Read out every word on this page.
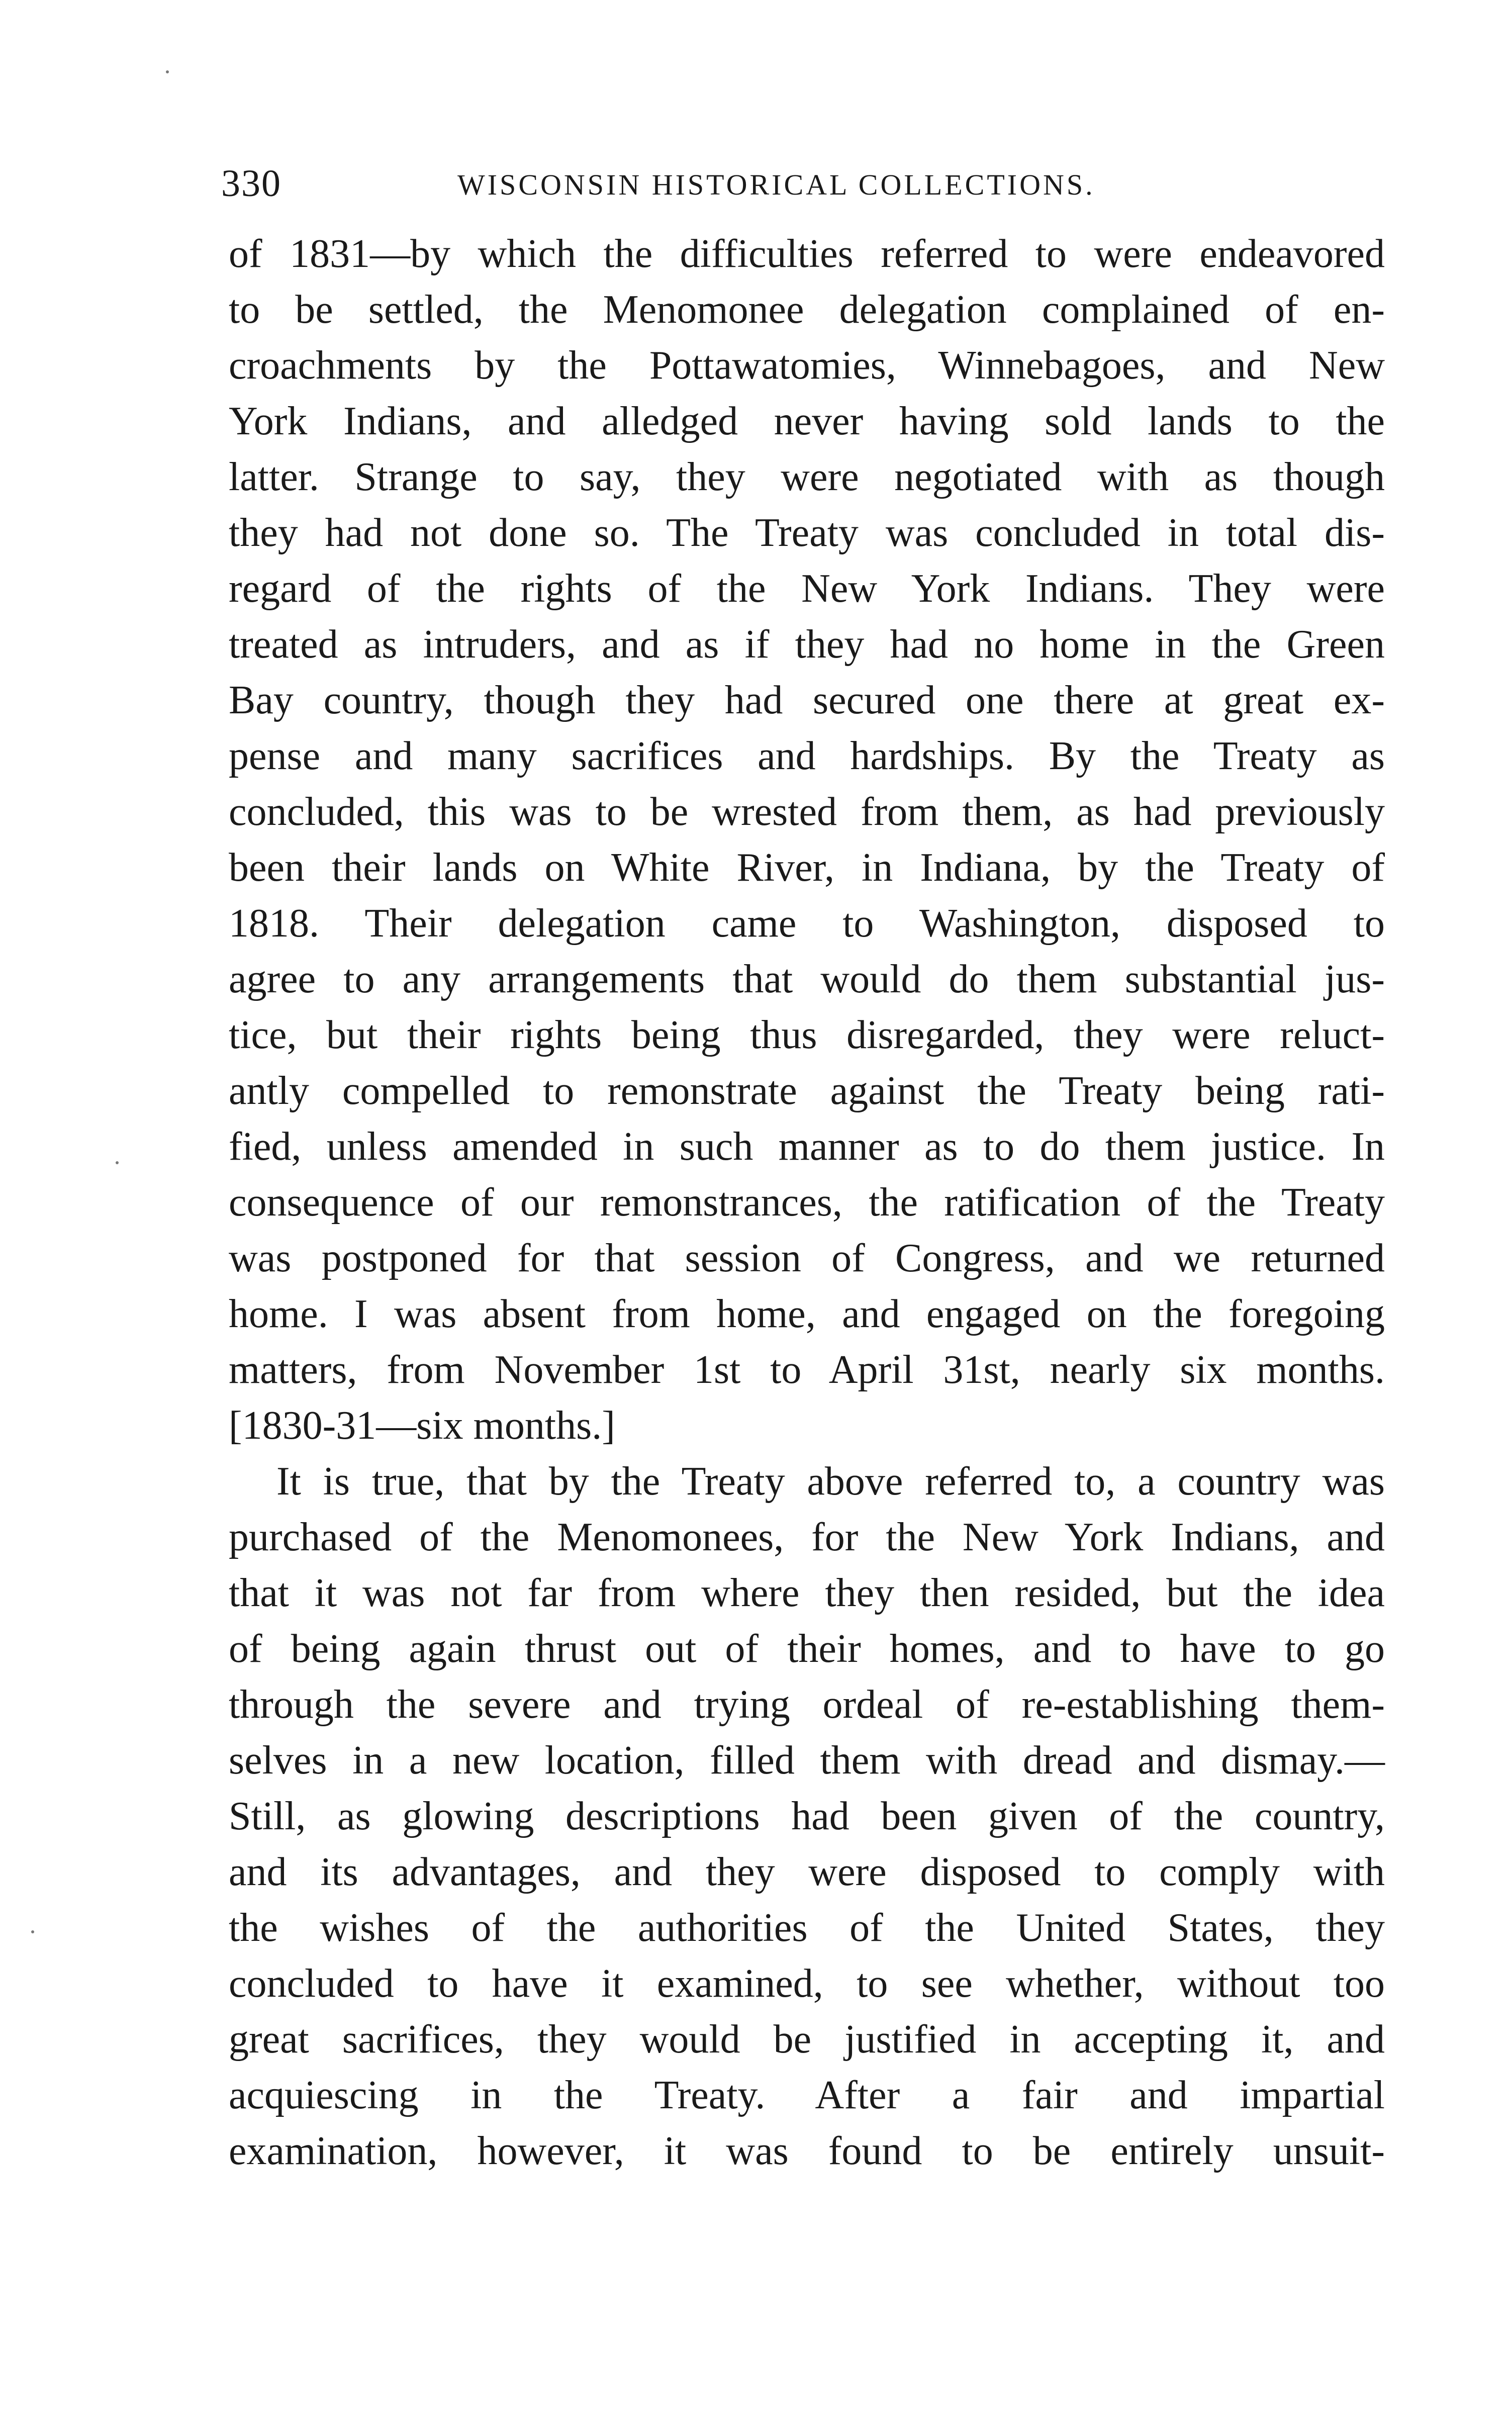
330	WISCONSIN HISTORICAL COLLECTIONS.
of 1831—by which the difficulties referred to were endeavored
to be settled, the Menomonee delegation complained of en-
croachments by the Pottawatomies, Winnebagoes, and New
York Indians, and alledged never having sold lands to the
latter. Strange to say, they were negotiated with as though
they had not done so. The Treaty was concluded in total dis-
regard of the rights of the New York Indians. They were
treated as intruders, and as if they had no home in the Green
Bay country, though they had secured one there at great ex-
pense and many sacrifices and hardships. By the Treaty as
concluded, this was to be wrested from them, as had previously
been their lands on White River, in Indiana, by the Treaty of
1818. Their delegation came to Washington, disposed to
agree to any arrangements that would do them substantial jus-
tice, but their rights being thus disregarded, they were reluct-
antly compelled to remonstrate against the Treaty being rati-
fied, unless amended in such manner as to do them justice. In
consequence of our remonstrances, the ratification of the Treaty
was postponed for that session of Congress, and we returned
home. I was absent from home, and engaged on the foregoing
matters, from November 1st to April 31st, nearly six months.
[1830-31—six months.]
It is true, that by the Treaty above referred to, a country was
purchased of the Menomonees, for the New York Indians, and
that it was not far from where they then resided, but the idea
of being again thrust out of their homes, and to have to go
through the severe and trying ordeal of re-establishing them-
selves in a new location, filled them with dread and dismay.—
Still, as glowing descriptions had been given of the country,
and its advantages, and they were disposed to comply with
the wishes of the authorities of the United States, they
concluded to have it examined, to see whether, without too
great sacrifices, they would be justified in accepting it, and
acquiescing in the Treaty. After a fair and impartial
examination, however, it was found to be entirely unsuit-
